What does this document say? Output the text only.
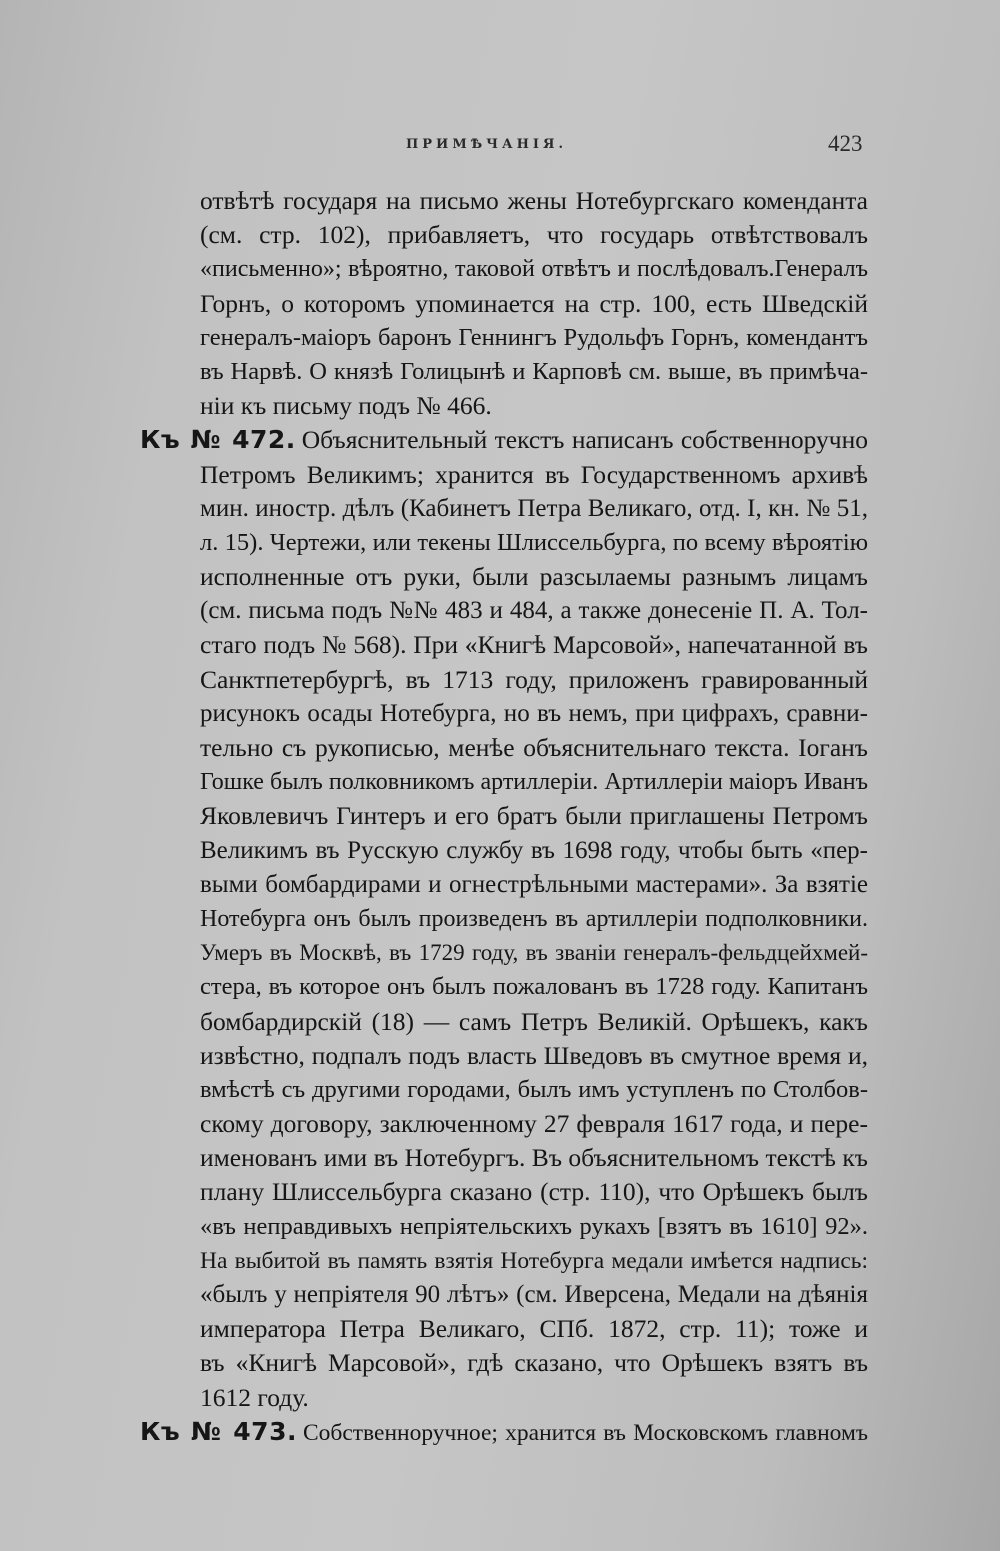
ПРИМѢЧАНІЯ.	423
отвѣтѣ государя на письмо жены Нотебургскаго коменданта
(см. стр. 102), прибавляетъ, что государь отвѣтствовалъ
«письменно»; вѣроятно, таковой отвѣтъ и послѣдовалъ.Генералъ
Горнъ, о которомъ упоминается на стр. 100, есть Шведскій
генералъ-маіоръ баронъ Геннингъ Рудольфъ Горнъ, комендантъ
въ Нарвѣ. О князѣ Голицынѣ и Карповѣ см. выше, въ примѣча-
ніи къ письму подъ № 466.
Къ № 472. Объяснительный текстъ написанъ собственноручно
Петромъ Великимъ; хранится въ Государственномъ архивѣ
мин. иностр. дѣлъ (Кабинетъ Петра Великаго, отд. I, кн. № 51,
л. 15). Чертежи, или текены Шлиссельбурга, по всему вѣроятію
исполненные отъ руки, были разсылаемы разнымъ лицамъ
(см. письма подъ №№ 483 и 484, а также донесеніе П. А. Тол-
стаго подъ № 568). При «Книгѣ Марсовой», напечатанной въ
Санктпетербургѣ, въ 1713 году, приложенъ гравированный
рисунокъ осады Нотебурга, но въ немъ, при цифрахъ, сравни-
тельно съ рукописью, менѣе объяснительнаго текста. Іоганъ
Гошке былъ полковникомъ артиллеріи. Артиллеріи маіоръ Иванъ
Яковлевичъ Гинтеръ и его братъ были приглашены Петромъ
Великимъ въ Русскую службу въ 1698 году, чтобы быть «пер-
выми бомбардирами и огнестрѣльными мастерами». За взятіе
Нотебурга онъ былъ произведенъ въ артиллеріи подполковники.
Умеръ въ Москвѣ, въ 1729 году, въ званіи генералъ-фельдцейхмей-
стера, въ которое онъ былъ пожалованъ въ 1728 году. Капитанъ
бомбардирскій (18) — самъ Петръ Великій. Орѣшекъ, какъ
извѣстно, подпалъ подъ власть Шведовъ въ смутное время и,
вмѣстѣ съ другими городами, былъ имъ уступленъ по Столбов-
скому договору, заключенному 27 февраля 1617 года, и пере-
именованъ ими въ Нотебургъ. Въ объяснительномъ текстѣ къ
плану Шлиссельбурга сказано (стр. 110), что Орѣшекъ былъ
«въ неправдивыхъ непріятельскихъ рукахъ [взятъ въ 1610] 92».
На выбитой въ память взятія Нотебурга медали имѣется надпись:
«былъ у непріятеля 90 лѣтъ» (см. Иверсена, Медали на дѣянія
императора Петра Великаго, СПб. 1872, стр. 11); тоже и
въ «Книгѣ Марсовой», гдѣ сказано, что Орѣшекъ взятъ въ
1612 году.
Къ № 473. Собственноручное; хранится въ Московскомъ главномъ
